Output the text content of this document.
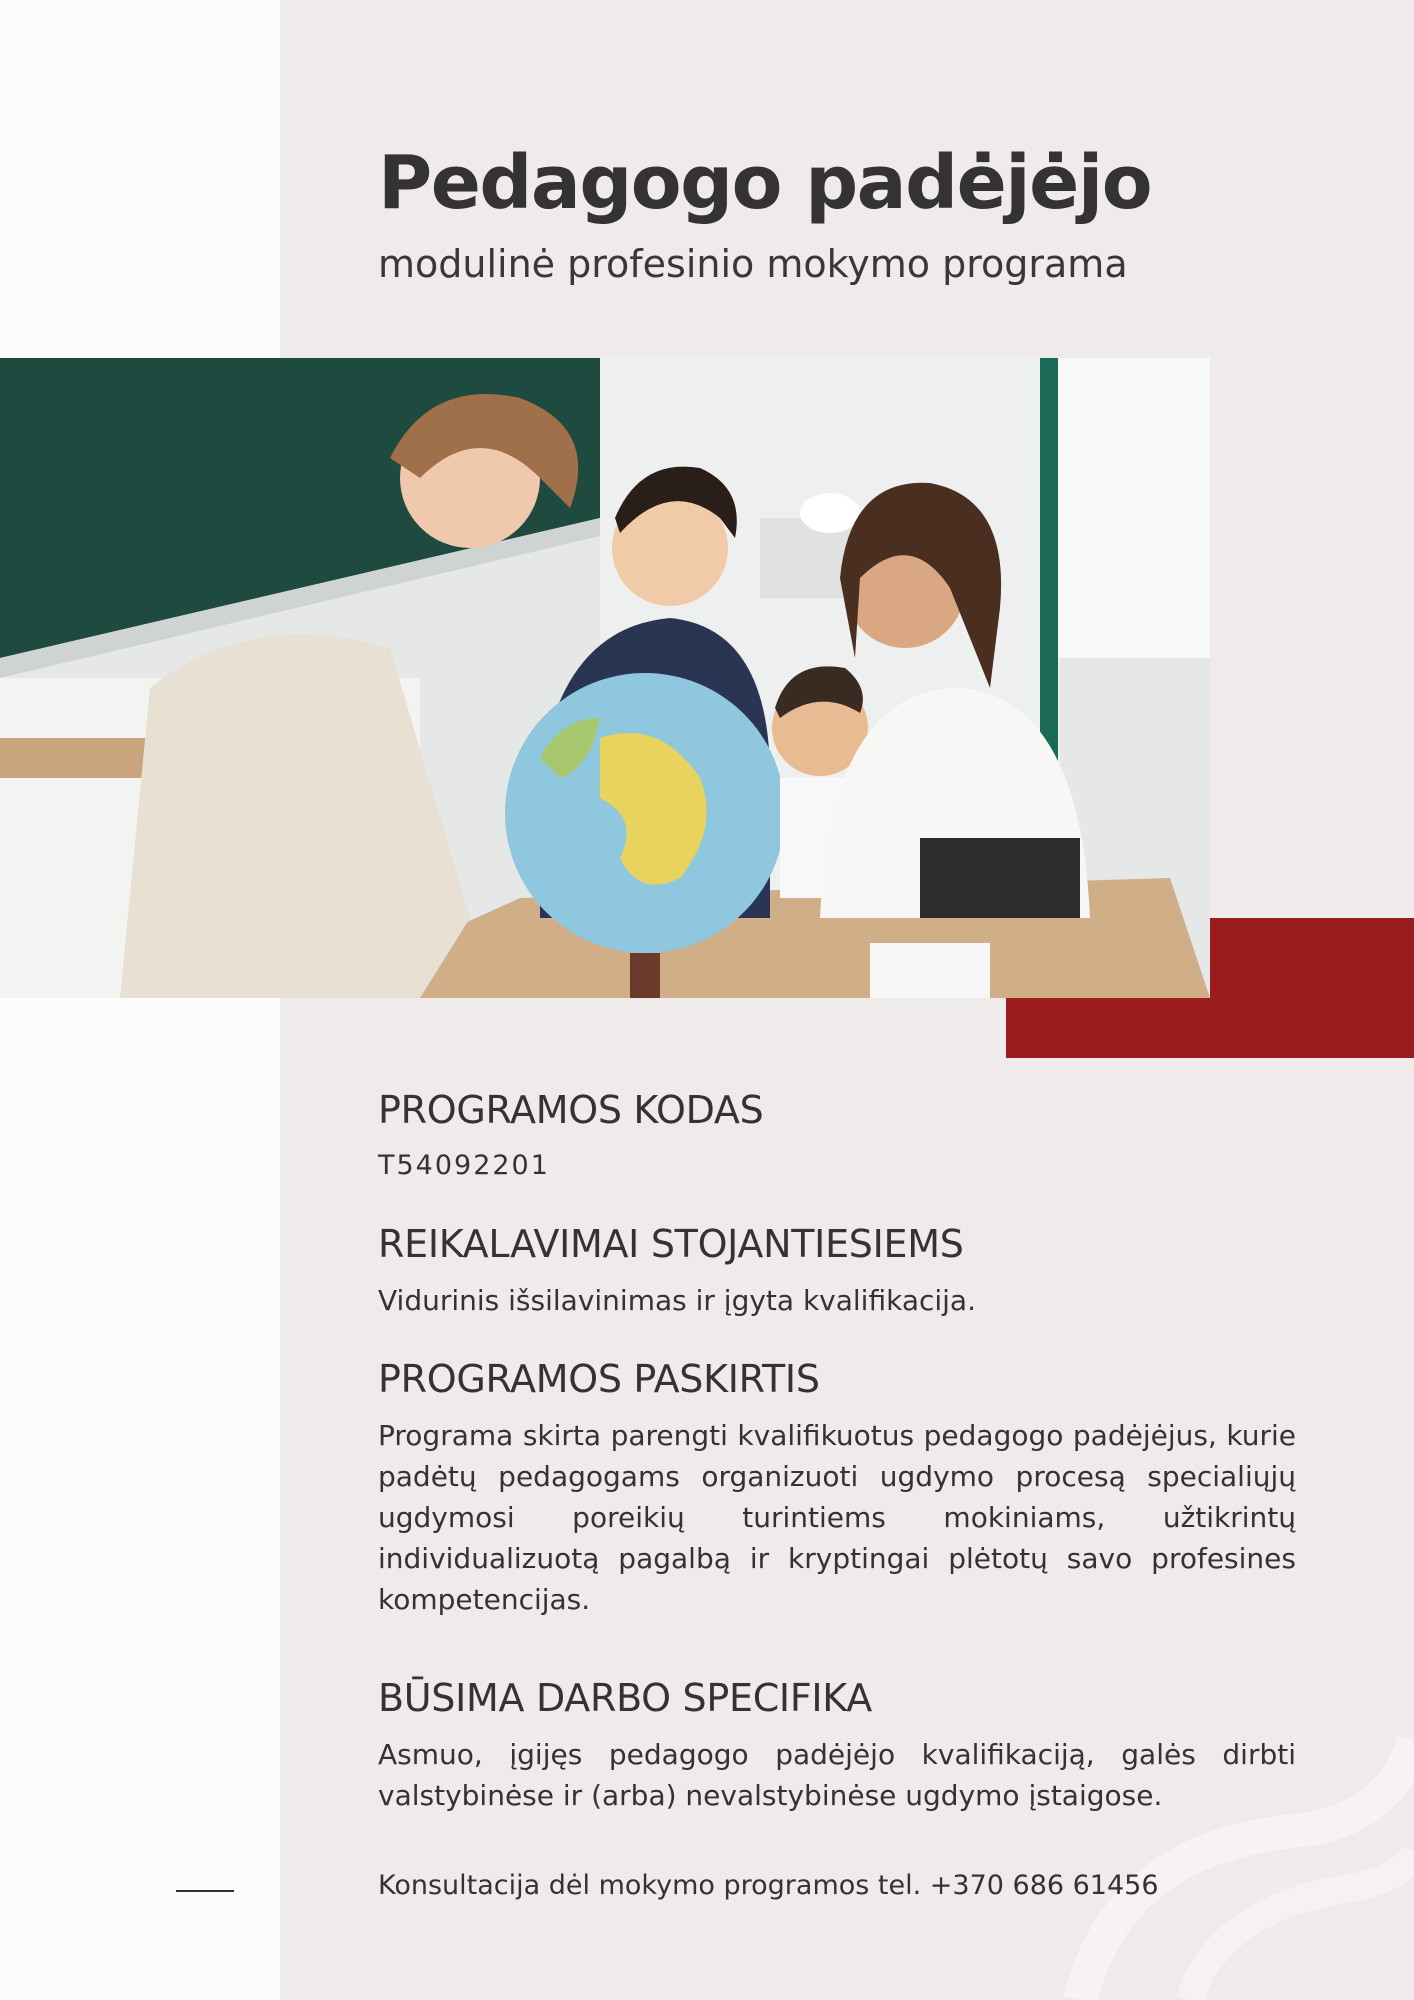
Pedagogo padėjėjo

modulinė profesinio mokymo programa

PROGRAMOS KODAS
T54092201
REIKALAVIMAI STOJANTIESIEMS

Vidurinis išsilavinimas ir įgyta kvalifikacija.

PROGRAMOS PASKIRTIS

Programa skirta parengti kvalifikuotus pedagogo padėjėjus, kurie padėtų pedagogams organizuoti ugdymo procesą specialiųjų ugdymosi poreikių turintiems mokiniams, užtikrintų individualizuotą pagalbą ir kryptingai plėtotų savo profesines kompetencijas.

BŪSIMA DARBO SPECIFIKA

Asmuo, įgijęs pedagogo padėjėjo kvalifikaciją, galės dirbti valstybinėse ir (arba) nevalstybinėse ugdymo įstaigose.

Konsultacija dėl mokymo programos tel. +370 686 61456
